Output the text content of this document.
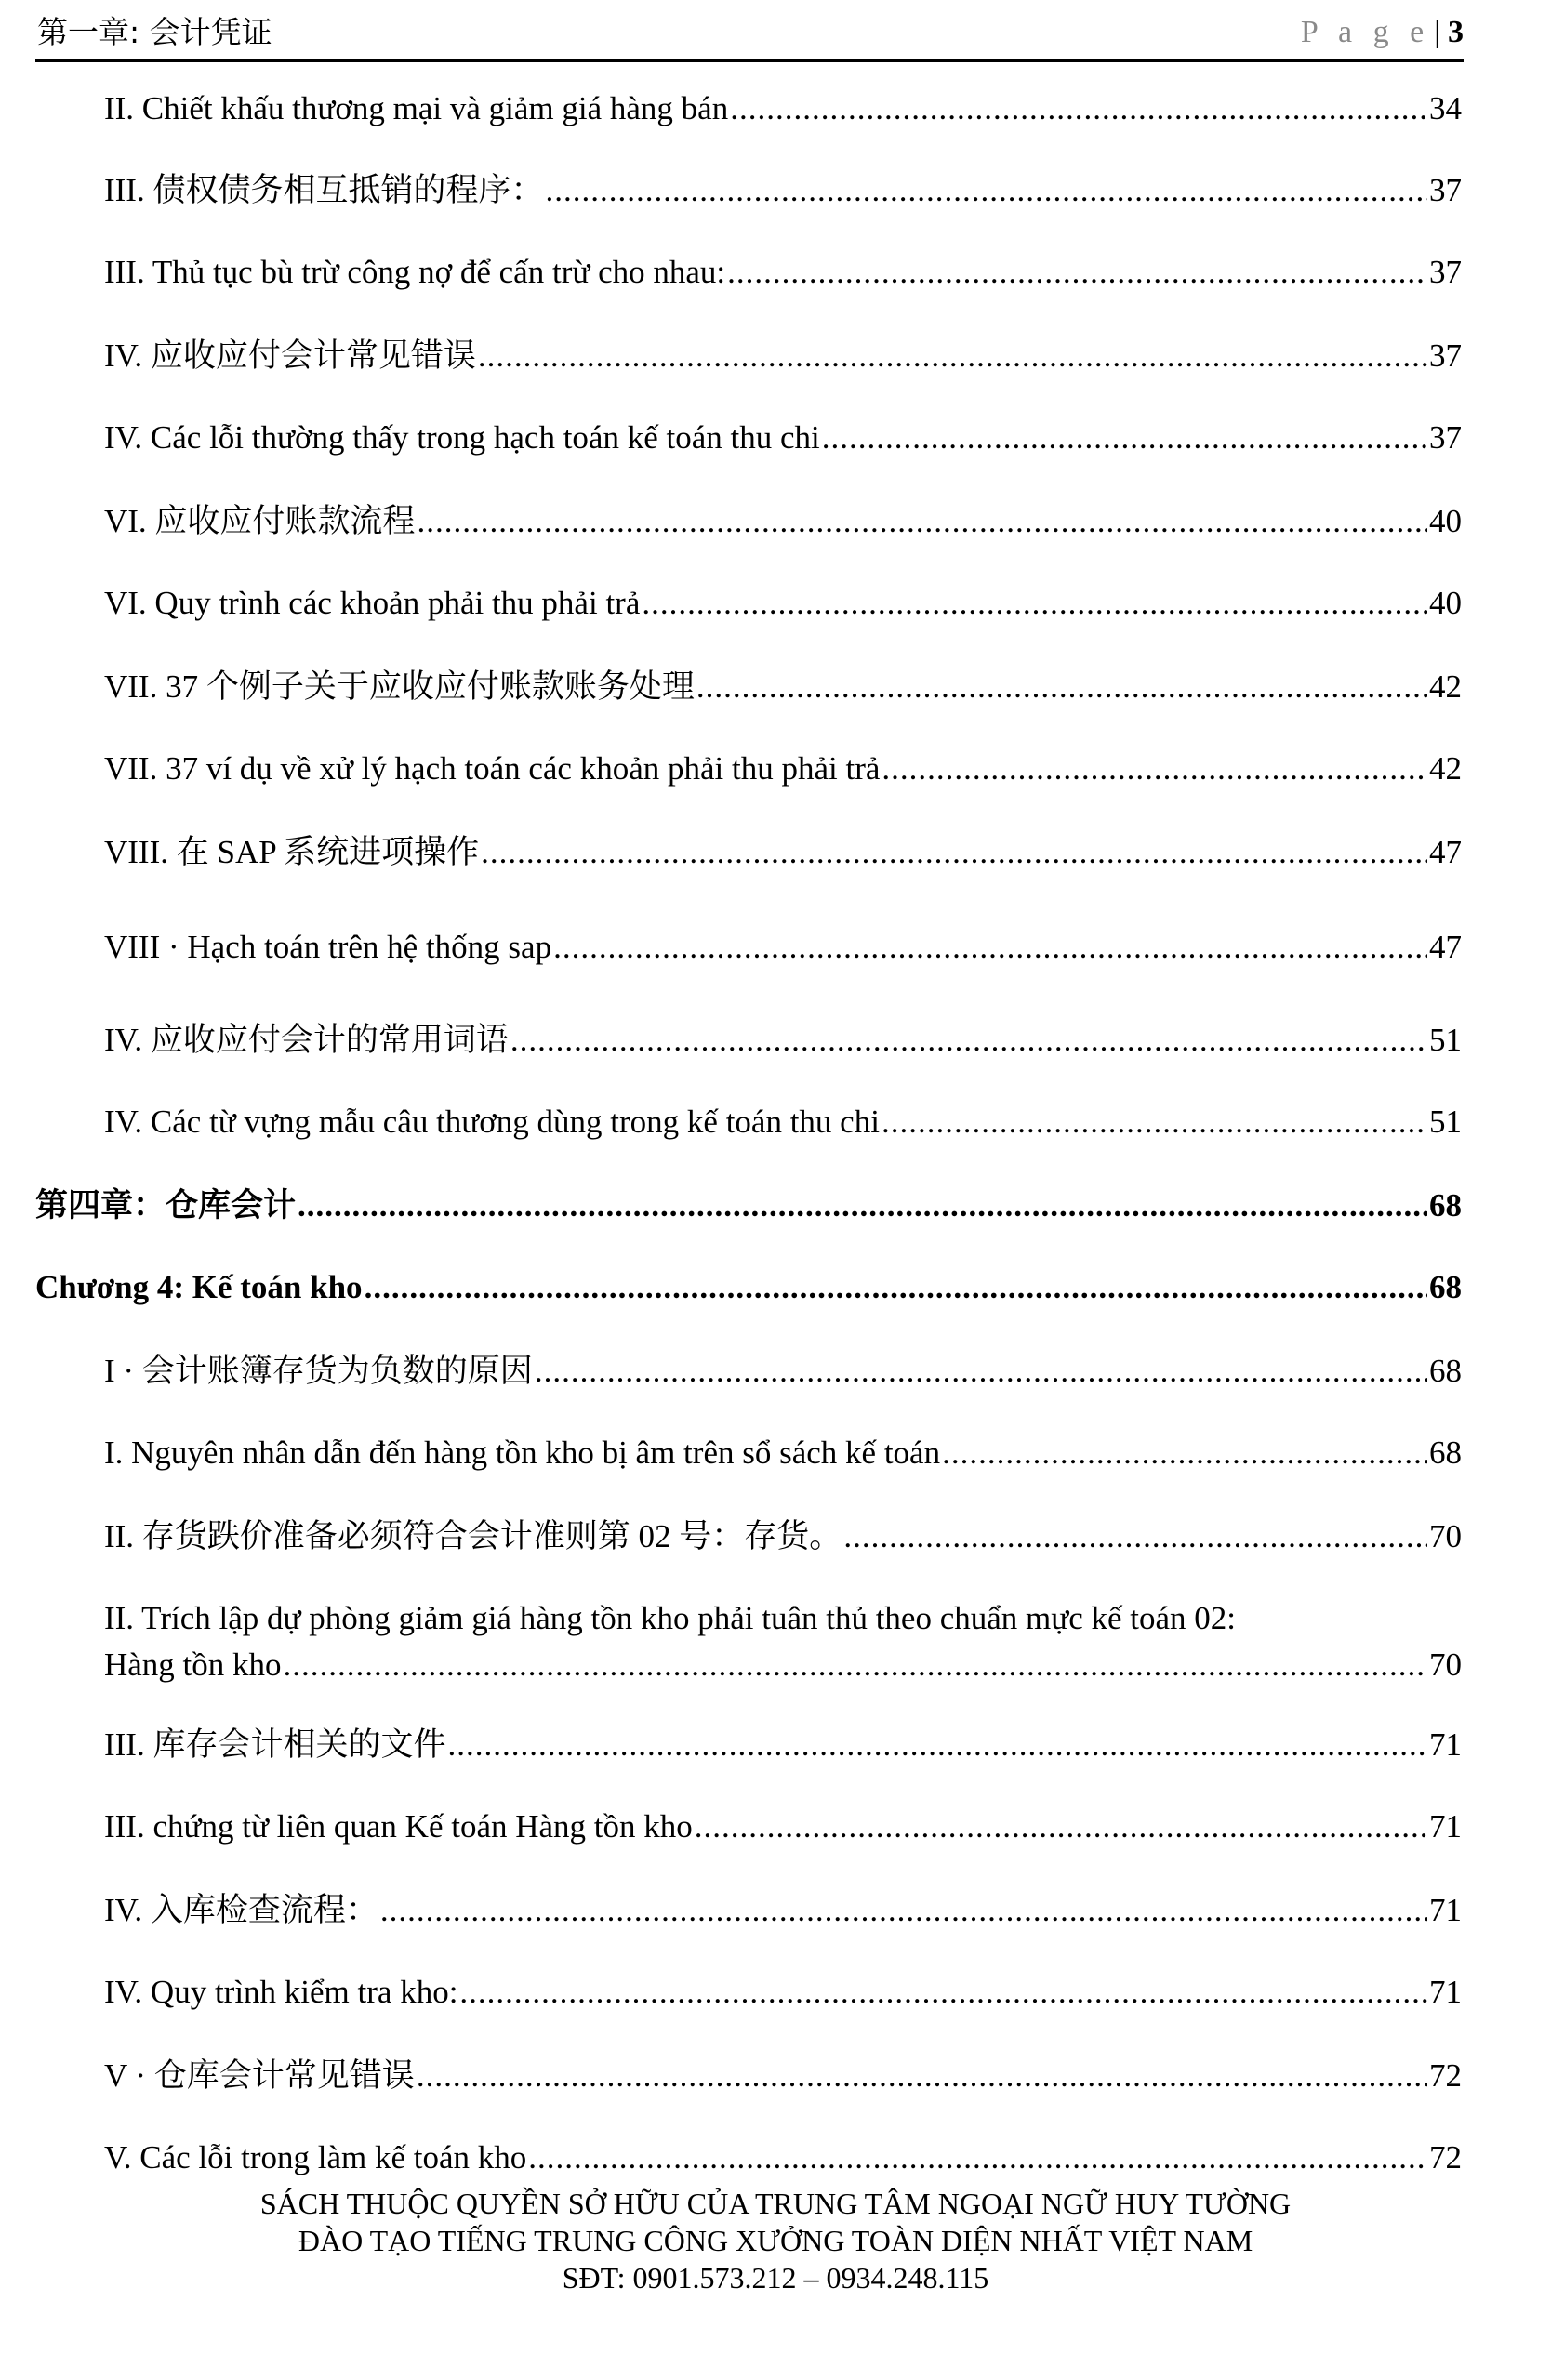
第一章: 会计凭证	P a g e | 3
II. Chiết khấu thương mại và giảm giá hàng bán .....	34
III. 债权债务相互抵销的程序： .....	37
III. Thủ tục bù trừ công nợ để cấn trừ cho nhau: .....	37
IV. 应收应付会计常见错误 .....	37
IV. Các lỗi thường thấy trong hạch toán kế toán thu chi .....	37
VI. 应收应付账款流程 .....	40
VI. Quy trình các khoản phải thu phải trả .....	40
VII. 37 个例子关于应收应付账款账务处理 .....	42
VII. 37 ví dụ về xử lý hạch toán các khoản phải thu phải trả .....	42
VIII. 在 SAP 系统进项操作 .....	47
VIII · Hạch toán trên hệ thống sap .....	47
IV. 应收应付会计的常用词语 .....	51
IV. Các từ vựng mẫu câu thương dùng trong kế toán thu chi .....	51
第四章：仓库会计 .....	68
Chương 4: Kế toán kho .....	68
I · 会计账簿存货为负数的原因 .....	68
I. Nguyên nhân dẫn đến hàng tồn kho bị âm trên sổ sách kế toán .....	68
II. 存货跌价准备必须符合会计准则第 02 号：存货。 .....	70
II. Trích lập dự phòng giảm giá hàng tồn kho phải tuân thủ theo chuẩn mực kế toán 02:
Hàng tồn kho .....	70
III. 库存会计相关的文件 .....	71
III. chứng từ liên quan Kế toán Hàng tồn kho .....	71
IV. 入库检查流程： .....	71
IV. Quy trình kiểm tra kho: .....	71
V · 仓库会计常见错误 .....	72
V. Các lỗi trong làm kế toán kho .....	72
SÁCH THUỘC QUYỀN SỞ HỮU CỦA TRUNG TÂM NGOẠI NGỮ HUY TƯỜNG
ĐÀO TẠO TIẾNG TRUNG CÔNG XƯỞNG TOÀN DIỆN NHẤT VIỆT NAM
SĐT: 0901.573.212 – 0934.248.115
